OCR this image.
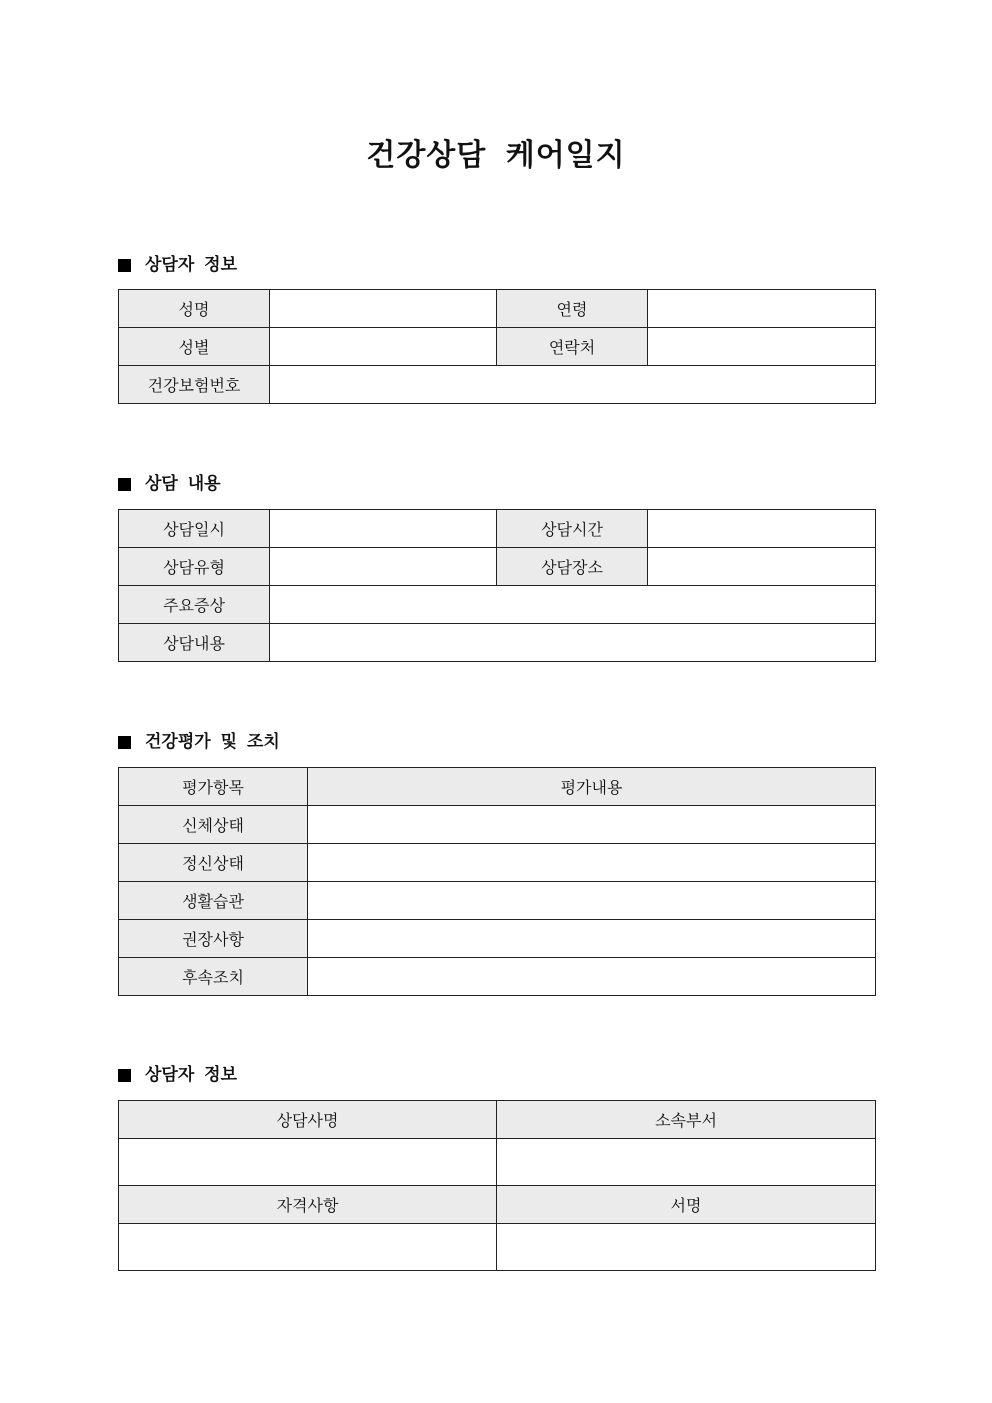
건강상담 케어일지
상담자 정보
성명		연령	
성별		연락처	
건강보험번호			
상담 내용
상담일시		상담시간	
상담유형		상담장소	
주요증상			
상담내용			
건강평가 및 조치
평가항목	평가내용
신체상태	
정신상태	
생활습관	
권장사항	
후속조치	
상담자 정보
상담사명	소속부서

자격사항	서명
